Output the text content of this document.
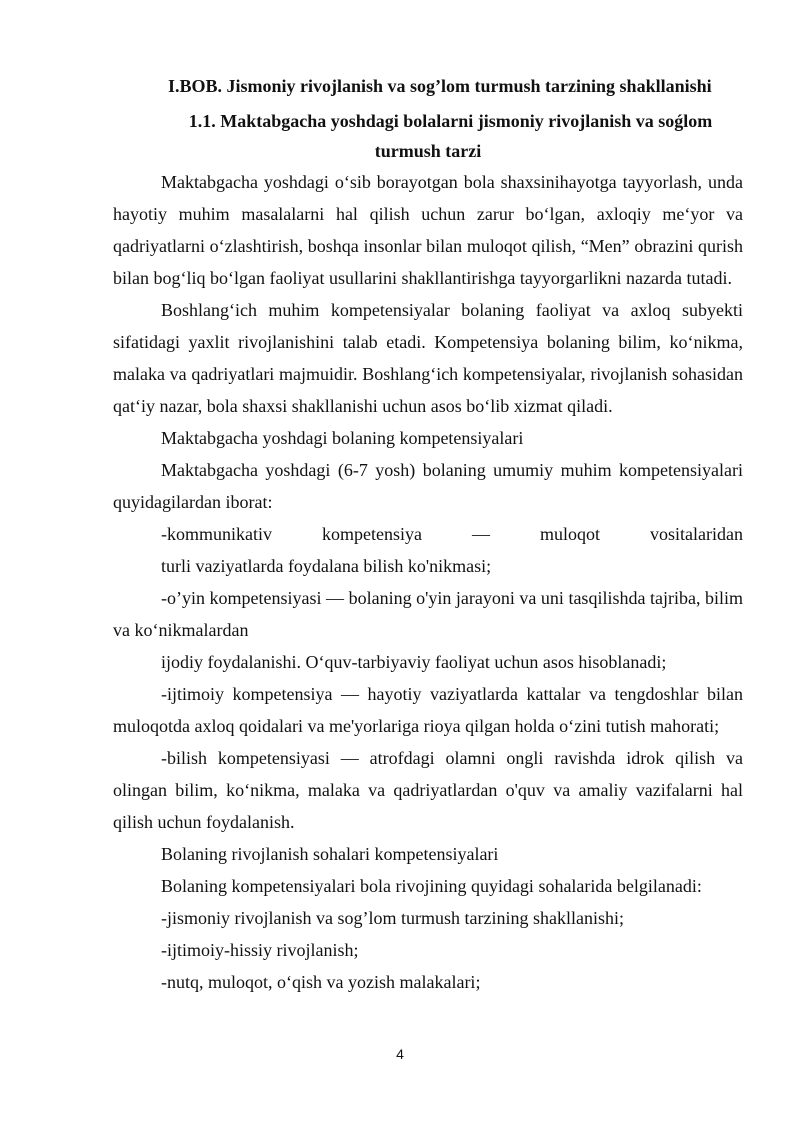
I.BOB. Jismoniy rivojlanish va sog’lom turmush tarzining shakllanishi
1.1. Maktabgacha yoshdagi bolalarni jismoniy rivojlanish va soǵlom
turmush tarzi

Maktabgacha yoshdagi o‘sib borayotgan bola shaxsinihayotga tayyorlash, unda hayotiy muhim masalalarni hal qilish uchun zarur bo‘lgan, axloqiy me‘yor va qadriyatlarni o‘zlashtirish, boshqa insonlar bilan muloqot qilish, “Men” obrazini qurish bilan bog‘liq bo‘lgan faoliyat usullarini shakllantirishga tayyorgarlikni nazarda tutadi.

Boshlang‘ich muhim kompetensiyalar bolaning faoliyat va axloq subyekti sifatidagi yaxlit rivojlanishini talab etadi. Kompetensiya bolaning bilim, ko‘nikma, malaka va qadriyatlari majmuidir. Boshlang‘ich kompetensiyalar, rivojlanish sohasidan qat‘iy nazar, bola shaxsi shakllanishi uchun asos bo‘lib xizmat qiladi.

Maktabgacha yoshdagi bolaning kompetensiyalari

Maktabgacha yoshdagi (6-7 yosh) bolaning umumiy muhim kompetensiyalari quyidagilardan iborat:

-kommunikativ kompetensiya — muloqot vositalaridan

turli vaziyatlarda foydalana bilish ko'nikmasi;

-o’yin kompetensiyasi — bolaning o'yin jarayoni va uni tasqilishda tajriba, bilim va ko‘nikmalardan

ijodiy foydalanishi. O‘quv-tarbiyaviy faoliyat uchun asos hisoblanadi;

-ijtimoiy kompetensiya — hayotiy vaziyatlarda kattalar va tengdoshlar bilan muloqotda axloq qoidalari va me'yorlariga rioya qilgan holda o‘zini tutish mahorati;

-bilish kompetensiyasi — atrofdagi olamni ongli ravishda idrok qilish va olingan bilim, ko‘nikma, malaka va qadriyatlardan o'quv va amaliy vazifalarni hal qilish uchun foydalanish.

Bolaning rivojlanish sohalari kompetensiyalari

Bolaning kompetensiyalari bola rivojining quyidagi sohalarida belgilanadi:

-jismoniy rivojlanish va sog’lom turmush tarzining shakllanishi;

-ijtimoiy-hissiy rivojlanish;

-nutq, muloqot, o‘qish va yozish malakalari;

4
